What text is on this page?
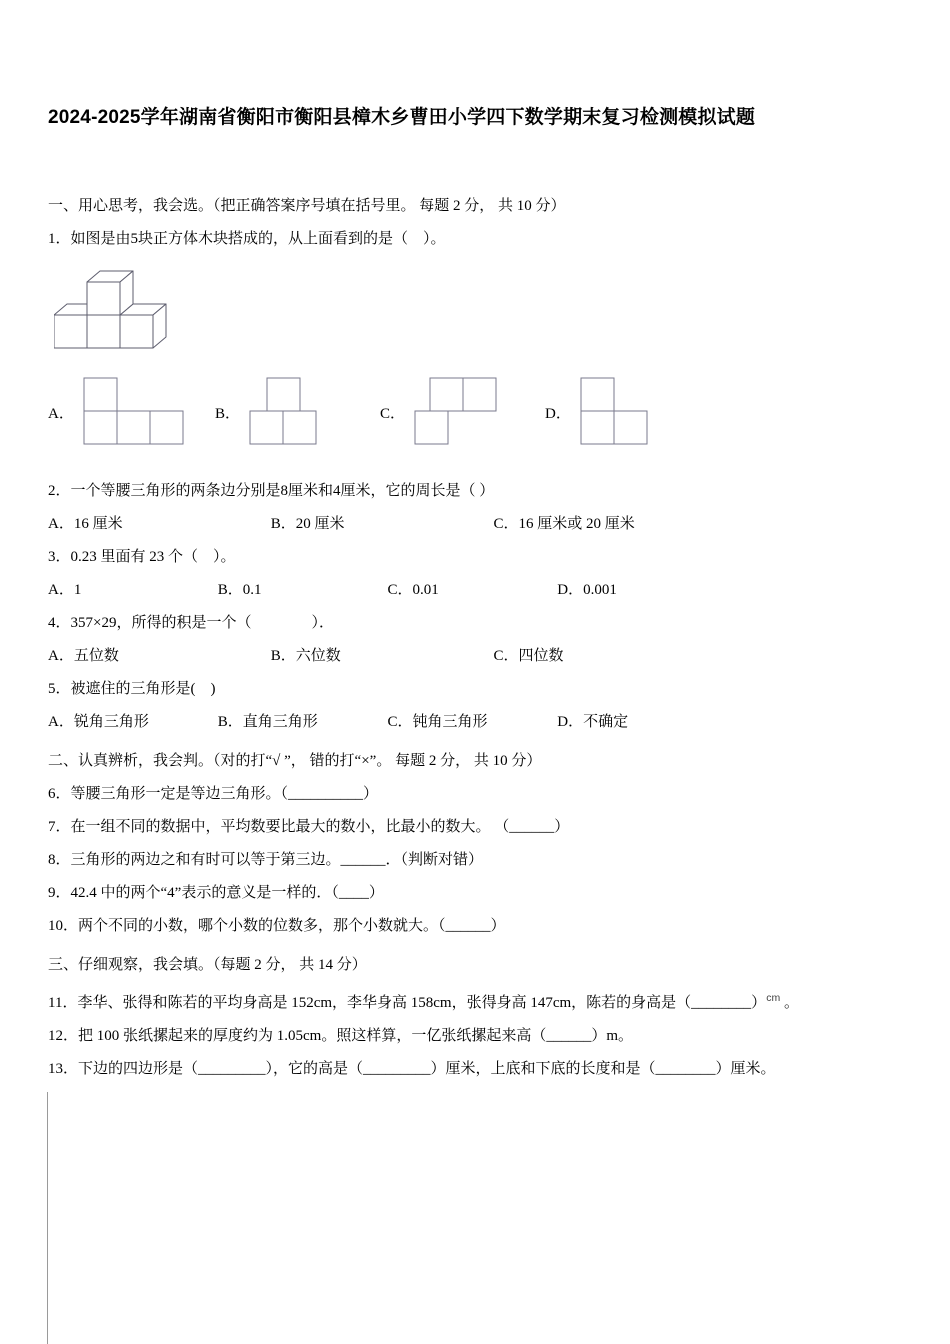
2024-2025学年湖南省衡阳市衡阳县樟木乡曹田小学四下数学期末复习检测模拟试题

一、用心思考，我会选。（把正确答案序号填在括号里。 每题 2 分， 共 10 分）

1．如图是由5块正方体木块搭成的，从上面看到的是（　）。

A．	B．	C．	D．

2．一个等腰三角形的两条边分别是8厘米和4厘米，它的周长是（ ）

A．16 厘米	B．20 厘米	C．16 厘米或 20 厘米

3．0.23 里面有 23 个（　）。

A．1	B．0.1	C．0.01	D．0.001

4．357×29，所得的积是一个（　　　　）．

A．五位数	B．六位数	C．四位数

5．被遮住的三角形是(　)

A．锐角三角形	B．直角三角形	C．钝角三角形	D．不确定

二、认真辨析，我会判。（对的打“√ ”， 错的打“×”。 每题 2 分， 共 10 分）

6．等腰三角形一定是等边三角形。（__________）

7．在一组不同的数据中，平均数要比最大的数小，比最小的数大。 （______）

8．三角形的两边之和有时可以等于第三边。______．（判断对错）

9．42.4 中的两个“4”表示的意义是一样的．（____）

10．两个不同的小数，哪个小数的位数多，那个小数就大。（______）

三、仔细观察，我会填。（每题 2 分， 共 14 分）

11．李华、张得和陈若的平均身高是 152cm，李华身高 158cm，张得身高 147cm，陈若的身高是（________）$^{cm}$ 。

12．把 100 张纸摞起来的厚度约为 1.05cm。照这样算，一亿张纸摞起来高（______）m。

13．下边的四边形是（_________），它的高是（_________）厘米，上底和下底的长度和是（________）厘米。
